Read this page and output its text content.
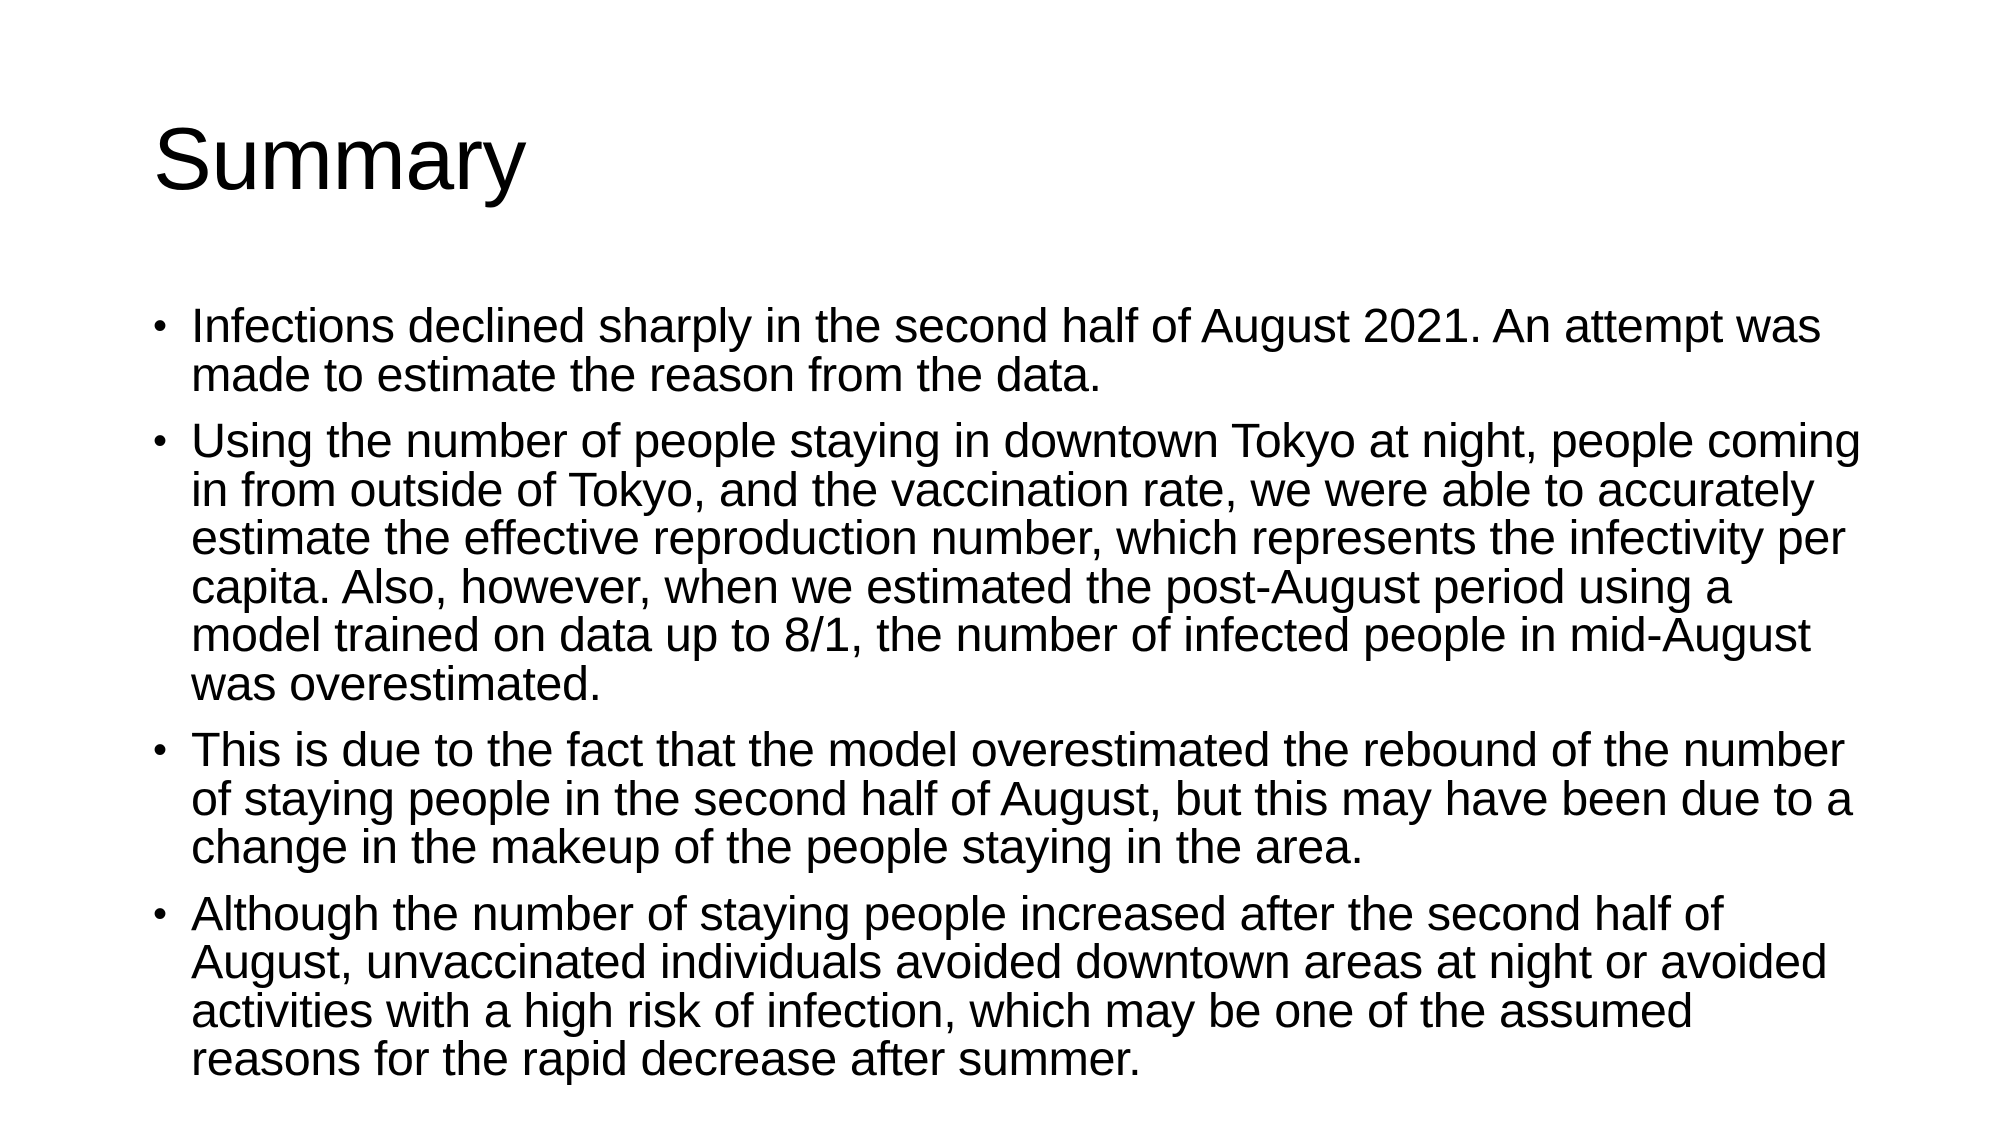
Summary
• Infections declined sharply in the second half of August 2021. An attempt was made to estimate the reason from the data.
• Using the number of people staying in downtown Tokyo at night, people coming in from outside of Tokyo, and the vaccination rate, we were able to accurately estimate the effective reproduction number, which represents the infectivity per capita. Also, however, when we estimated the post-August period using a model trained on data up to 8/1, the number of infected people in mid-August was overestimated.
• This is due to the fact that the model overestimated the rebound of the number of staying people in the second half of August, but this may have been due to a change in the makeup of the people staying in the area.
• Although the number of staying people increased after the second half of August, unvaccinated individuals avoided downtown areas at night or avoided activities with a high risk of infection, which may be one of the assumed reasons for the rapid decrease after summer.
